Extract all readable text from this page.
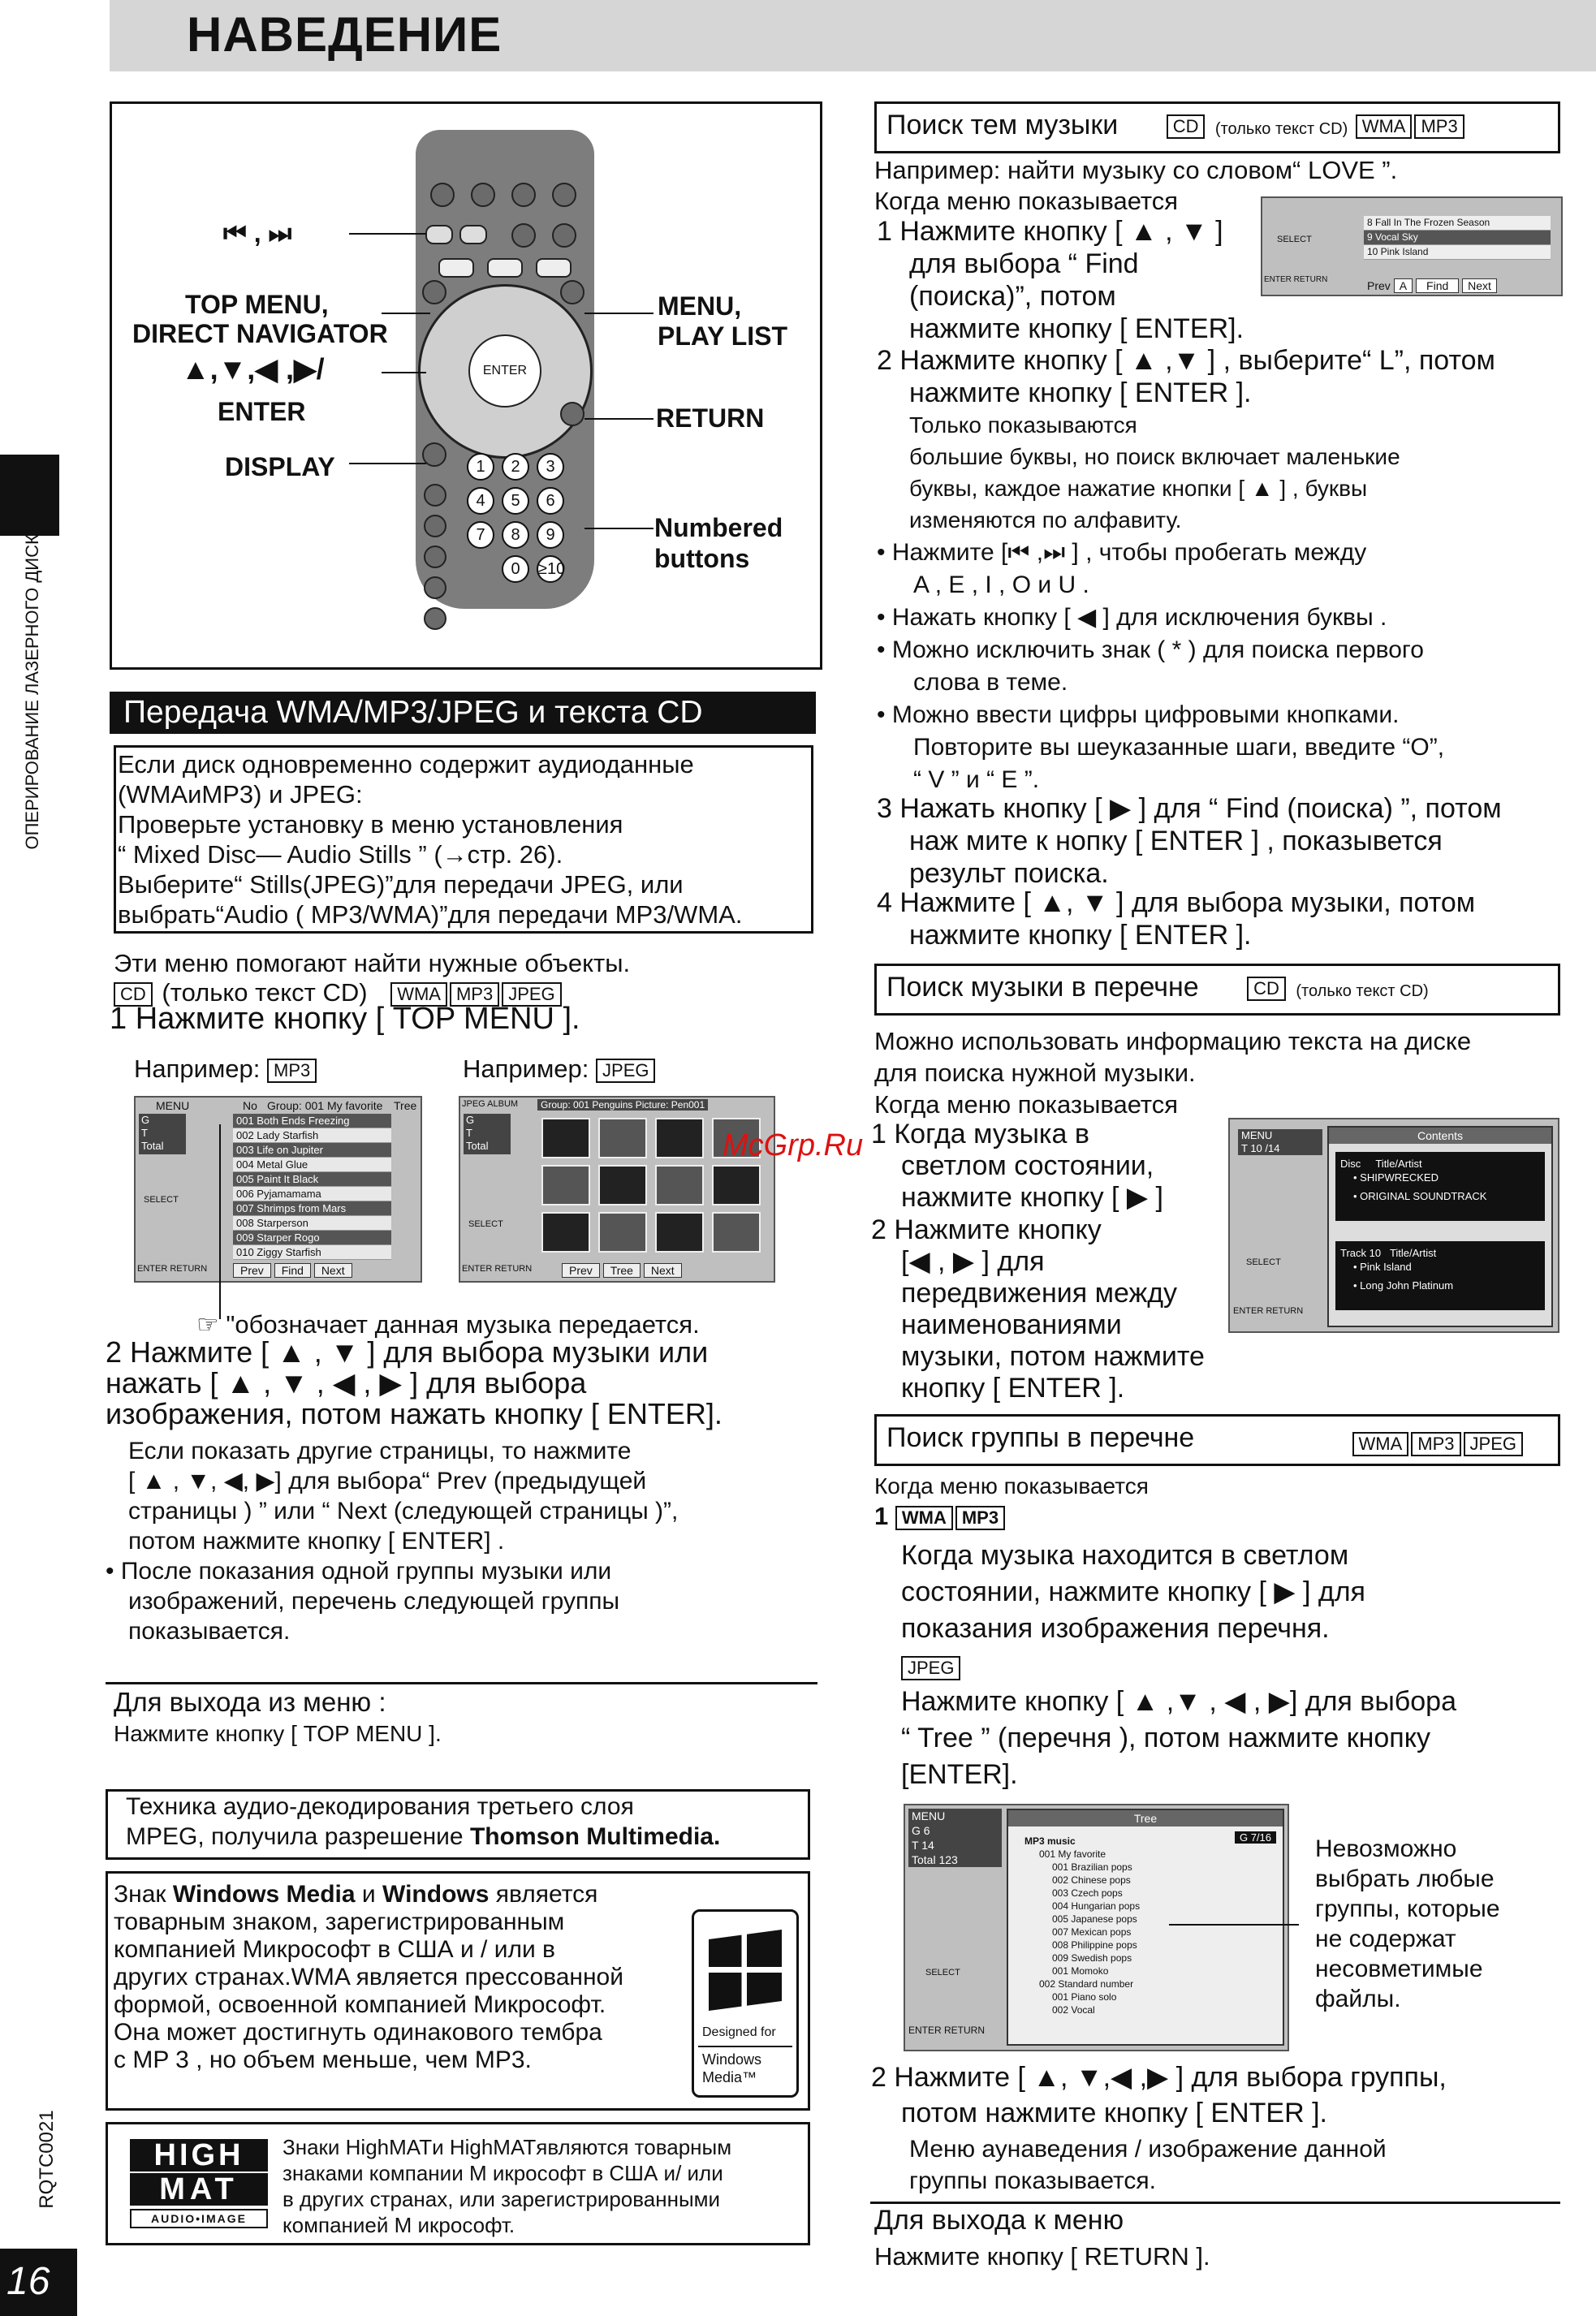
НАВЕДЕНИЕ
ОПЕРИРОВАНИЕ ЛАЗЕРНОГО ДИСКА
RQTC0021
16
ENTER
1	2	3
4	5	6
7	8	9
0	≥10
⏮ , ⏭
TOP MENU,
DIRECT NAVIGATOR
▲,▼,◀ ,▶/
ENTER
DISPLAY
MENU,
PLAY LIST
RETURN
Numbered
buttons
Передача WMA/MP3/JPEG и текста CD
Если диск одновременно содержит аудиоданные
(WMAиMP3) и JPEG:
Проверьте установку в меню установления
“ Mixed Disc— Audio Stills ” (→стр. 26).
Выберите“ Stills(JPEG)”для передачи JPEG, или
выбрать“Audio ( MP3/WMA)”для передачи MP3/WMA.
Эти меню помогают найти нужные объекты.
CD (только текст CD) WMA MP3 JPEG
1 Нажмите кнопку [ TOP MENU ].
Например: MP3	Например: JPEG
MENU	No Group: 001 My favorite Tree
G
T
Total
SELECT
ENTER RETURN
001 Both Ends Freezing
002 Lady Starfish
003 Life on Jupiter
004 Metal Glue
005 Paint It Black
006 Pyjamamama
007 Shrimps from Mars
008 Starperson
009 Starper Rogo
010 Ziggy Starfish
Prev Find Next
JPEG ALBUM	Group: 001 Penguins Picture: Pen001
G
T
Total
SELECT
ENTER RETURN	Prev Tree Next
McGrp.Ru
☞ "обозначает данная музыка передается.
2 Нажмите [ ▲ , ▼ ] для выбора музыки или
нажать [ ▲ , ▼ , ◀ , ▶ ] для выбора
изображения, потом нажать кнопку [ ENTER].
Если показать другие страницы, то нажмите
[ ▲ , ▼, ◀, ▶] для выбора“ Prev (предыдущей
страницы ) ” или “ Next (следующей страницы )”,
потом нажмите кнопку [ ENTER] .
• После показания одной группы музыки или
изображений, перечень следующей группы
показывается.
Для выхода из меню :
Нажмите кнопку [ TOP MENU ].
Техника аудио-декодирования третьего слоя
MPEG, получила разрешение Thomson Multimedia.
Знак Windows Media и Windows является
товарным знаком, зарегистрированным
компанией Микрософт в США и / или в
других странах.WMA является прессованной
формой, освоенной компанией Микрософт.
Она может достигнуть одинакового тембра
с MP 3 , но объем меньше, чем МР3.
Designed for
Windows
Media™
HIGH
MAT
AUDIO•IMAGE
Знаки HighMATи HighMATявляются товарным
знаками компании М икрософт в США и/ или
в других странах, или зарегистрированными
компанией М икрософт.
Поиск тем музыки	CD (только текст CD) WMA MP3
Например: найти музыку со словом“ LOVE ”.
Когда меню показывается
1 Нажмите кнопку [ ▲ , ▼ ]
для выбора “ Find
(поиска)”, потом
нажмите кнопку [ ENTER].
2 Нажмите кнопку [ ▲ ,▼ ] , выберите“ L”, потом
нажмите кнопку [ ENTER ].
Только показываются
большие буквы, но поиск включает маленькие
буквы, каждое нажатие кнопки [ ▲ ] , буквы
изменяются по алфавиту.
• Нажмите [⏮ ,⏭ ] , чтобы пробегать между
A , E , I , O и U .
• Нажать кнопку [ ◀ ] для исключения буквы .
• Можно исключить знак ( * ) для поиска первого
слова в теме.
• Можно ввести цифры цифровыми кнопками.
Повторите вы шеуказанные шаги, введите “O”,
“ V ” и “ E ”.
3 Нажать кнопку [ ▶ ] для “ Find (поиска) ”, потом
наж мите к нопку [ ENTER ] , показывется
результ поиска.
4 Нажмите [ ▲, ▼ ] для выбора музыки, потом
нажмите кнопку [ ENTER ].
SELECT
ENTER RETURN
8 Fall In The Frozen Season
9 Vocal Sky
10 Pink Island
Prev A Find Next
Поиск музыки в перечне	CD (только текст CD)
Можно использовать информацию текста на диске
для поиска нужной музыки.
Когда меню показывается
1 Когда музыка в
светлом состоянии,
нажмите кнопку [ ▶ ]
2 Нажмите кнопку
[◀ , ▶ ] для
передвижения между
наименованиями
музыки, потом нажмите
кнопку [ ENTER ].
MENU
T 10 /14
SELECT
ENTER RETURN
Contents
Disc Title/Artist
• SHIPWRECKED
• ORIGINAL SOUNDTRACK
Track 10 Title/Artist
• Pink Island
• Long John Platinum
Поиск группы в перечне	WMA MP3 JPEG
Когда меню показывается
1 WMA MP3
Когда музыка находится в светлом
состоянии, нажмите кнопку [ ▶ ] для
показания изображения перечня.
Нажмите кнопку [ ▲ ,▼ , ◀ , ▶] для выбора
“ Tree ” (перечня ), потом нажмите кнопку
[ENTER].
JPEG
MENU
G 6
T 14
Total 123
SELECT
ENTER RETURN
Tree
G 7/16
MP3 music
001 My favorite
001 Brazilian pops
002 Chinese pops
003 Czech pops
004 Hungarian pops
005 Japanese pops
007 Mexican pops
008 Philippine pops
009 Swedish pops
001 Momoko
002 Standard number
001 Piano solo
002 Vocal
Невозможно
выбрать любые
группы, которые
не содержат
несовметимые
файлы.
2 Нажмите [ ▲, ▼,◀ ,▶ ] для выбора группы,
потом нажмите кнопку [ ENTER ].
Меню аунаведения / изображение данной
группы показывается.
Для выхода к меню
Нажмите кнопку [ RETURN ].
